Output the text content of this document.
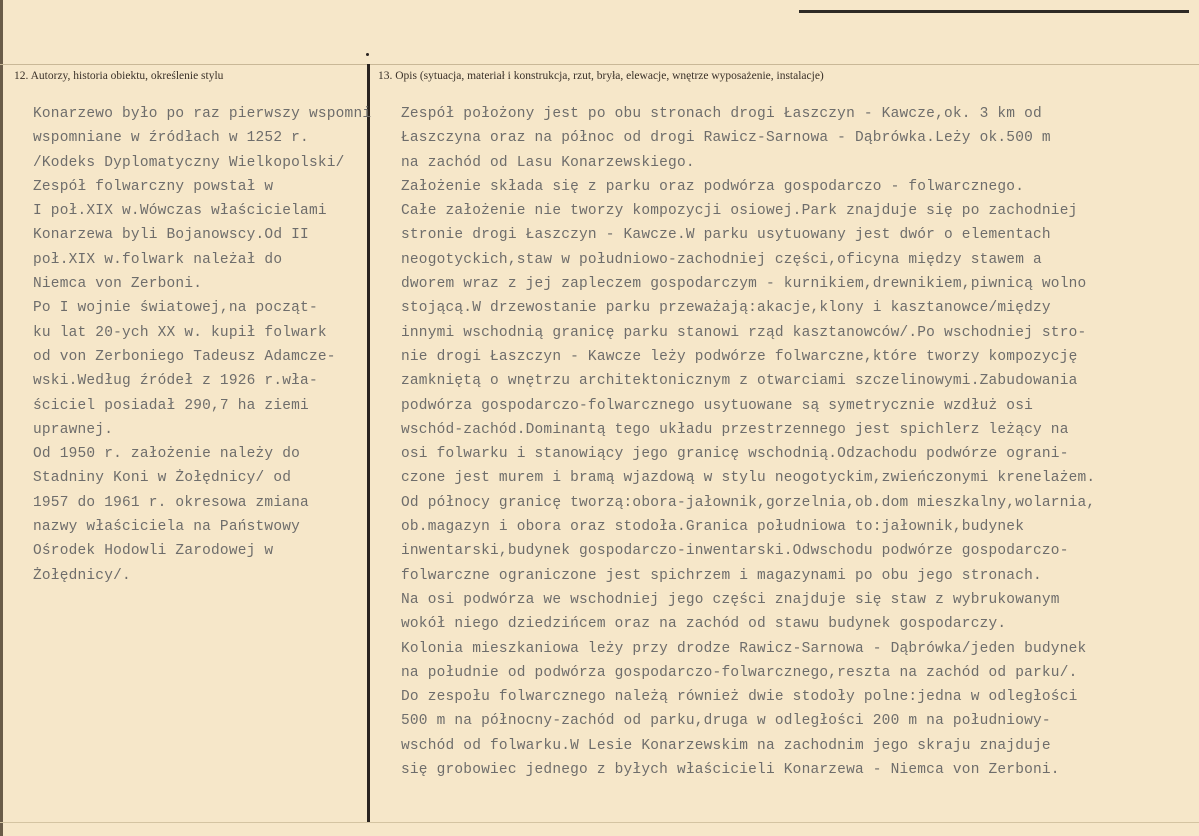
12. Autorzy, historia obiektu, określenie stylu	13. Opis (sytuacja, materiał i konstrukcja, rzut, bryła, elewacje, wnętrze wyposażenie, instalacje)
Konarzewo było po raz pierwszy wspomni
wspomniane w źródłach w 1252 r.
/Kodeks Dyplomatyczny Wielkopolski/
Zespół folwarczny powstał w
I poł.XIX w.Wówczas właścicielami
Konarzewa byli Bojanowscy.Od II
poł.XIX w.folwark należał do
Niemca von Zerboni.
Po I wojnie światowej,na począt-
ku lat 20-ych XX w. kupił folwark
od von Zerboniego Tadeusz Adamcze-
wski.Według źródeł z 1926 r.wła-
ściciel posiadał 290,7 ha ziemi
uprawnej.
Od 1950 r. założenie należy do
Stadniny Koni w Żołędnicy/ od
1957 do 1961 r. okresowa zmiana
nazwy właściciela na Państwowy
Ośrodek Hodowli Zarodowej w
Żołędnicy/.
Zespół położony jest po obu stronach drogi Łaszczyn - Kawcze,ok. 3 km od
Łaszczyna oraz na północ od drogi Rawicz-Sarnowa - Dąbrówka.Leży ok.500 m
na zachód od Lasu Konarzewskiego.
Założenie składa się z parku oraz podwórza gospodarczo - folwarcznego.
Całe założenie nie tworzy kompozycji osiowej.Park znajduje się po zachodniej
stronie drogi Łaszczyn - Kawcze.W parku usytuowany jest dwór o elementach
neogotyckich,staw w południowo-zachodniej części,oficyna między stawem a
dworem wraz z jej zapleczem gospodarczym - kurnikiem,drewnikiem,piwnicą wolno
stojącą.W drzewostanie parku przeważają:akacje,klony i kasztanowce/między
innymi wschodnią granicę parku stanowi rząd kasztanowców/.Po wschodniej stro-
nie drogi Łaszczyn - Kawcze leży podwórze folwarczne,które tworzy kompozycję
zamkniętą o wnętrzu architektonicznym z otwarciami szczelinowymi.Zabudowania
podwórza gospodarczo-folwarcznego usytuowane są symetrycznie wzdłuż osi
wschód-zachód.Dominantą tego układu przestrzennego jest spichlerz leżący na
osi folwarku i stanowiący jego granicę wschodnią.Odzachodu podwórze ograni-
czone jest murem i bramą wjazdową w stylu neogotyckim,zwieńczonymi krenelażem.
Od północy granicę tworzą:obora-jałownik,gorzelnia,ob.dom mieszkalny,wolarnia,
ob.magazyn i obora oraz stodoła.Granica południowa to:jałownik,budynek
inwentarski,budynek gospodarczo-inwentarski.Odwschodu podwórze gospodarczo-
folwarczne ograniczone jest spichrzem i magazynami po obu jego stronach.
Na osi podwórza we wschodniej jego części znajduje się staw z wybrukowanym
wokół niego dziedzińcem oraz na zachód od stawu budynek gospodarczy.
Kolonia mieszkaniowa leży przy drodze Rawicz-Sarnowa - Dąbrówka/jeden budynek
na południe od podwórza gospodarczo-folwarcznego,reszta na zachód od parku/.
Do zespołu folwarcznego należą również dwie stodoły polne:jedna w odległości
500 m na północny-zachód od parku,druga w odległości 200 m na południowy-
wschód od folwarku.W Lesie Konarzewskim na zachodnim jego skraju znajduje
się grobowiec jednego z byłych właścicieli Konarzewa - Niemca von Zerboni.
